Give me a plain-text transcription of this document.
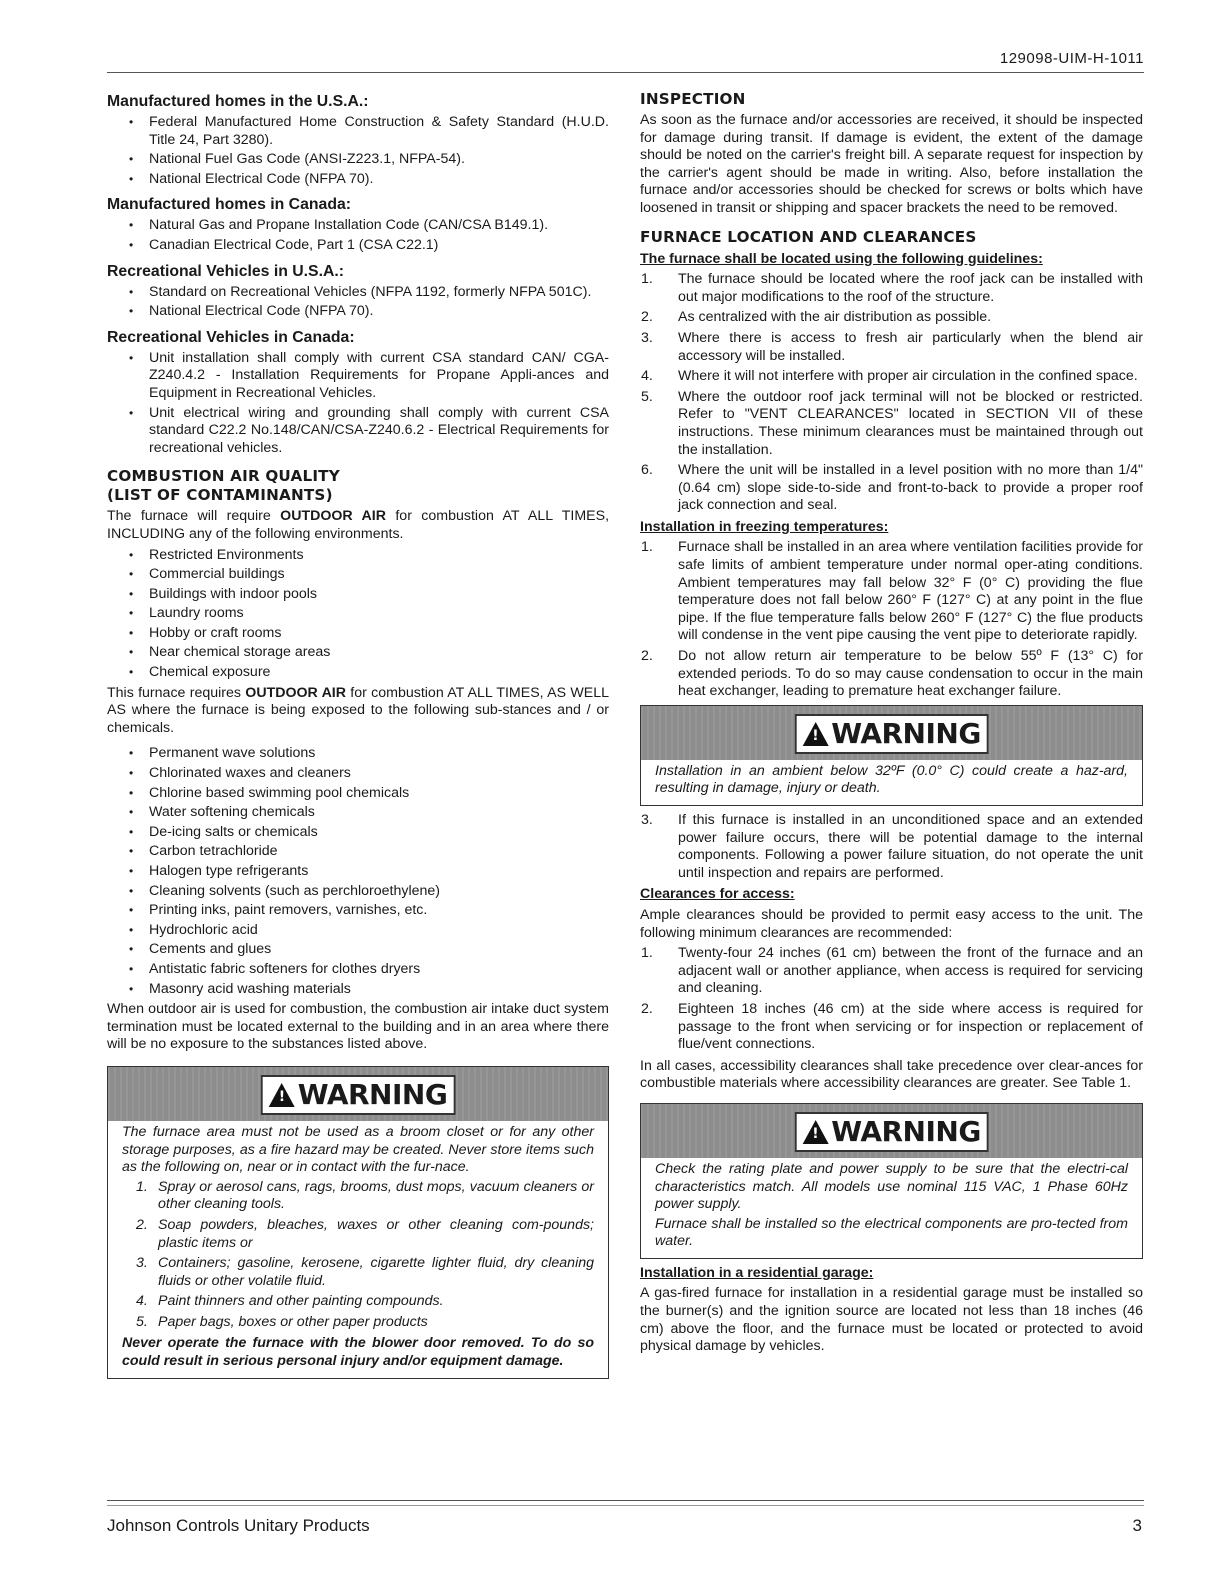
129098-UIM-H-1011
Manufactured homes in the U.S.A.:
• Federal Manufactured Home Construction & Safety Standard (H.U.D. Title 24, Part 3280).
• National Fuel Gas Code (ANSI-Z223.1, NFPA-54).
• National Electrical Code (NFPA 70).
Manufactured homes in Canada:
• Natural Gas and Propane Installation Code (CAN/CSA B149.1).
• Canadian Electrical Code, Part 1 (CSA C22.1)
Recreational Vehicles in U.S.A.:
• Standard on Recreational Vehicles (NFPA 1192, formerly NFPA 501C).
• National Electrical Code (NFPA 70).
Recreational Vehicles in Canada:
• Unit installation shall comply with current CSA standard CAN/ CGA-Z240.4.2 - Installation Requirements for Propane Appli-ances and Equipment in Recreational Vehicles.
• Unit electrical wiring and grounding shall comply with current CSA standard C22.2 No.148/CAN/CSA-Z240.6.2 - Electrical Requirements for recreational vehicles.
COMBUSTION AIR QUALITY
(LIST OF CONTAMINANTS)

The furnace will require OUTDOOR AIR for combustion AT ALL TIMES, INCLUDING any of the following environments.

• Restricted Environments
• Commercial buildings
• Buildings with indoor pools
• Laundry rooms
• Hobby or craft rooms
• Near chemical storage areas
• Chemical exposure

This furnace requires OUTDOOR AIR for combustion AT ALL TIMES, AS WELL AS where the furnace is being exposed to the following sub-stances and / or chemicals.

• Permanent wave solutions
• Chlorinated waxes and cleaners
• Chlorine based swimming pool chemicals
• Water softening chemicals
• De-icing salts or chemicals
• Carbon tetrachloride
• Halogen type refrigerants
• Cleaning solvents (such as perchloroethylene)
• Printing inks, paint removers, varnishes, etc.
• Hydrochloric acid
• Cements and glues
• Antistatic fabric softeners for clothes dryers
• Masonry acid washing materials

When outdoor air is used for combustion, the combustion air intake duct system termination must be located external to the building and in an area where there will be no exposure to the substances listed above.

! WARNING

The furnace area must not be used as a broom closet or for any other storage purposes, as a fire hazard may be created. Never store items such as the following on, near or in contact with the fur-nace.

1. Spray or aerosol cans, rags, brooms, dust mops, vacuum cleaners or other cleaning tools.
2. Soap powders, bleaches, waxes or other cleaning com-pounds; plastic items or
3. Containers; gasoline, kerosene, cigarette lighter fluid, dry cleaning fluids or other volatile fluid.
4. Paint thinners and other painting compounds.
5. Paper bags, boxes or other paper products

Never operate the furnace with the blower door removed. To do so could result in serious personal injury and/or equipment damage.

INSPECTION

As soon as the furnace and/or accessories are received, it should be inspected for damage during transit. If damage is evident, the extent of the damage should be noted on the carrier's freight bill. A separate request for inspection by the carrier's agent should be made in writing. Also, before installation the furnace and/or accessories should be checked for screws or bolts which have loosened in transit or shipping and spacer brackets the need to be removed.

FURNACE LOCATION AND CLEARANCES
The furnace shall be located using the following guidelines:
1. The furnace should be located where the roof jack can be installed with out major modifications to the roof of the structure.
2. As centralized with the air distribution as possible.
3. Where there is access to fresh air particularly when the blend air accessory will be installed.
4. Where it will not interfere with proper air circulation in the confined space.
5. Where the outdoor roof jack terminal will not be blocked or restricted. Refer to "VENT CLEARANCES" located in SECTION VII of these instructions. These minimum clearances must be maintained through out the installation.
6. Where the unit will be installed in a level position with no more than 1/4" (0.64 cm) slope side-to-side and front-to-back to provide a proper roof jack connection and seal.
Installation in freezing temperatures:
1. Furnace shall be installed in an area where ventilation facilities provide for safe limits of ambient temperature under normal oper-ating conditions. Ambient temperatures may fall below 32° F (0° C) providing the flue temperature does not fall below 260° F (127° C) at any point in the flue pipe. If the flue temperature falls below 260° F (127° C) the flue products will condense in the vent pipe causing the vent pipe to deteriorate rapidly.
2. Do not allow return air temperature to be below 55º F (13° C) for extended periods. To do so may cause condensation to occur in the main heat exchanger, leading to premature heat exchanger failure.
! WARNING

Installation in an ambient below 32ºF (0.0° C) could create a haz-ard, resulting in damage, injury or death.

3. If this furnace is installed in an unconditioned space and an extended power failure occurs, there will be potential damage to the internal components. Following a power failure situation, do not operate the unit until inspection and repairs are performed.
Clearances for access:

Ample clearances should be provided to permit easy access to the unit. The following minimum clearances are recommended:

1. Twenty-four 24 inches (61 cm) between the front of the furnace and an adjacent wall or another appliance, when access is required for servicing and cleaning.
2. Eighteen 18 inches (46 cm) at the side where access is required for passage to the front when servicing or for inspection or replacement of flue/vent connections.

In all cases, accessibility clearances shall take precedence over clear-ances for combustible materials where accessibility clearances are greater. See Table 1.

! WARNING

Check the rating plate and power supply to be sure that the electri-cal characteristics match. All models use nominal 115 VAC, 1 Phase 60Hz power supply.

Furnace shall be installed so the electrical components are pro-tected from water.

Installation in a residential garage:

A gas-fired furnace for installation in a residential garage must be installed so the burner(s) and the ignition source are located not less than 18 inches (46 cm) above the floor, and the furnace must be located or protected to avoid physical damage by vehicles.

Johnson Controls Unitary Products	3
